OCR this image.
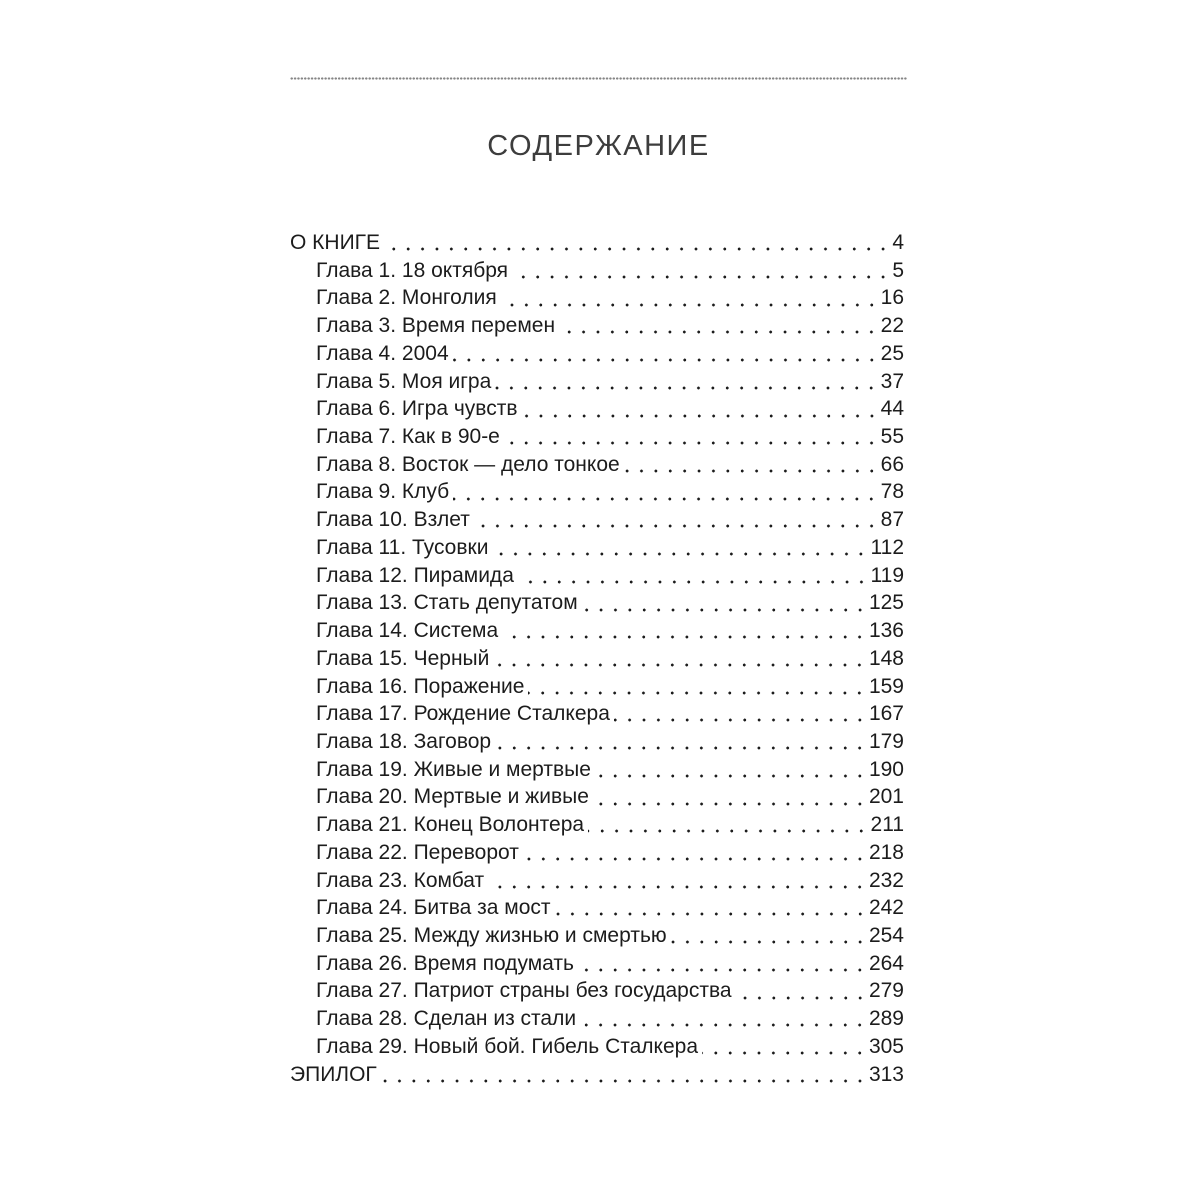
СОДЕРЖАНИЕ
О КНИГЕ	4
Глава 1. 18 октября	5
Глава 2. Монголия	16
Глава 3. Время перемен	22
Глава 4. 2004	25
Глава 5. Моя игра	37
Глава 6. Игра чувств	44
Глава 7. Как в 90-е	55
Глава 8. Восток — дело тонкое	66
Глава 9. Клуб	78
Глава 10. Взлет	87
Глава 11. Тусовки	112
Глава 12. Пирамида	119
Глава 13. Стать депутатом	125
Глава 14. Система	136
Глава 15. Черный	148
Глава 16. Поражение	159
Глава 17. Рождение Сталкера	167
Глава 18. Заговор	179
Глава 19. Живые и мертвые	190
Глава 20. Мертвые и живые	201
Глава 21. Конец Волонтера	211
Глава 22. Переворот	218
Глава 23. Комбат	232
Глава 24. Битва за мост	242
Глава 25. Между жизнью и смертью	254
Глава 26. Время подумать	264
Глава 27. Патриот страны без государства	279
Глава 28. Сделан из стали	289
Глава 29. Новый бой. Гибель Сталкера	305
ЭПИЛОГ	313
